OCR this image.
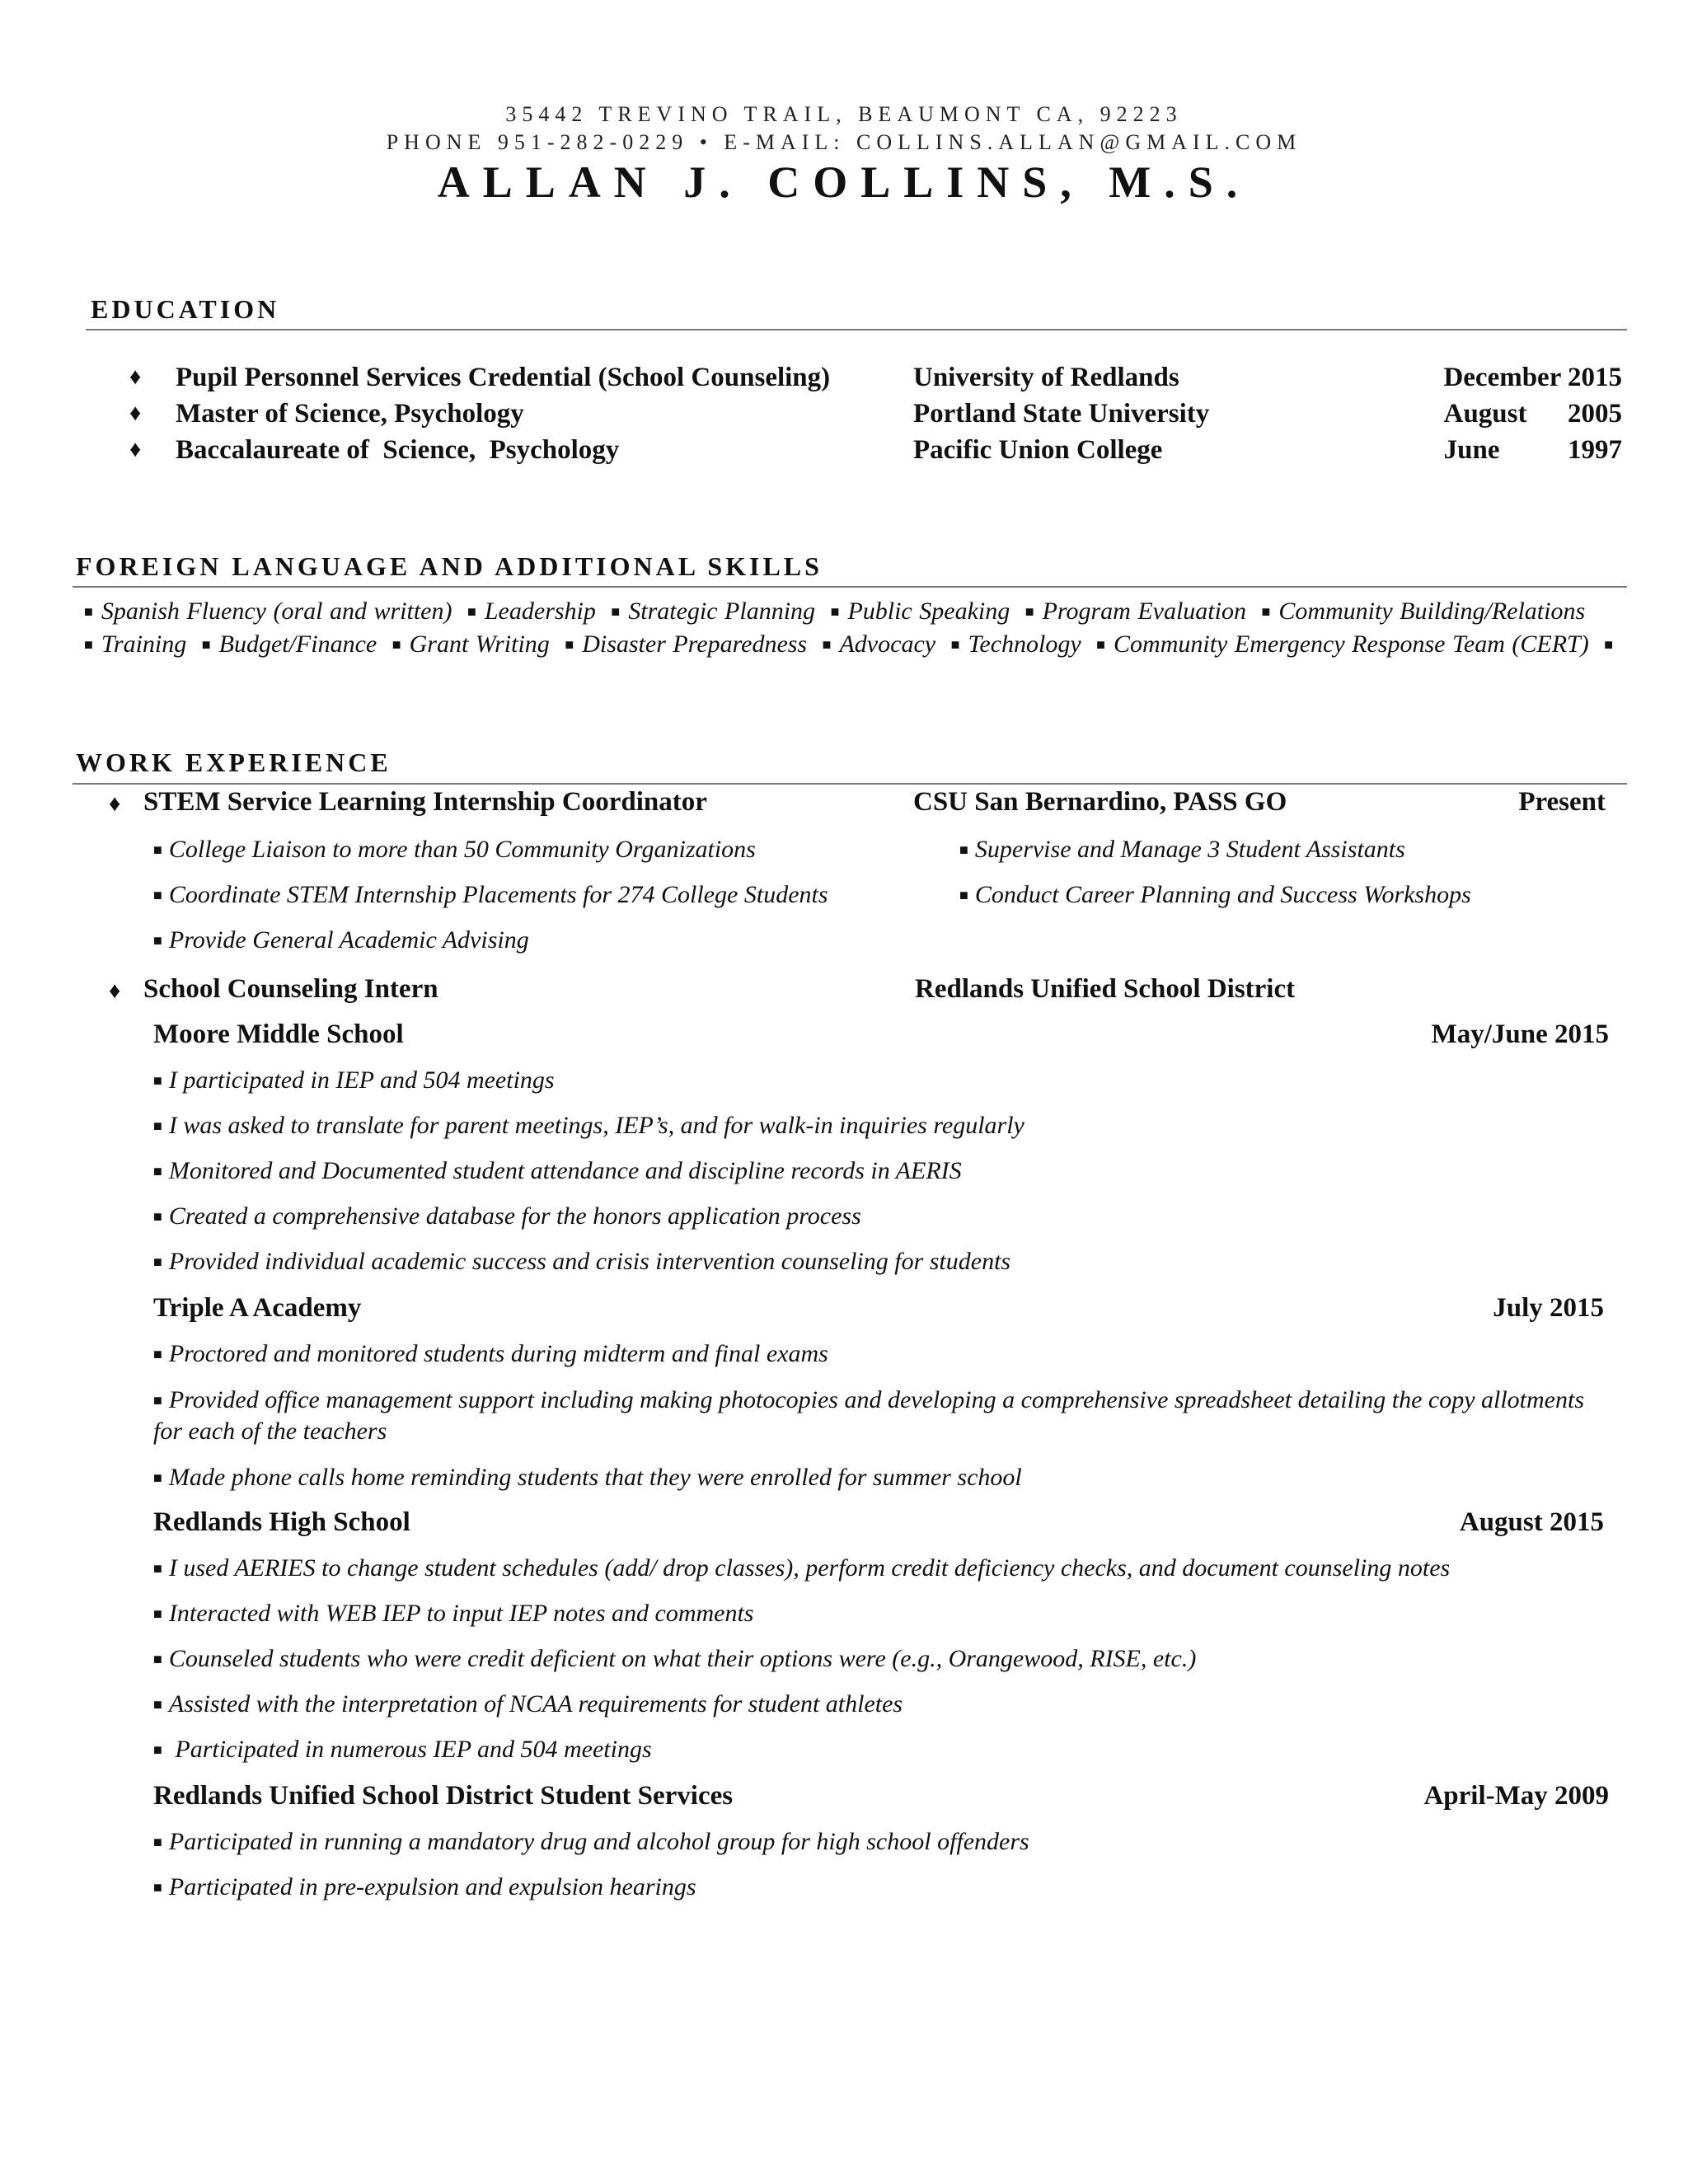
35442 TREVINO TRAIL, BEAUMONT CA, 92223
PHONE 951-282-0229 • E-MAIL: COLLINS.ALLAN@GMAIL.COM
ALLAN J. COLLINS, M.S.
EDUCATION
♦ Pupil Personnel Services Credential (School Counseling)	University of Redlands	December 2015
♦ Master of Science, Psychology	Portland State University	August      2005
♦ Baccalaureate of  Science,  Psychology	Pacific Union College	June          1997
FOREIGN LANGUAGE AND ADDITIONAL SKILLS
■ Spanish Fluency (oral and written) ■ Leadership ■ Strategic Planning ■ Public Speaking ■ Program Evaluation ■ Community Building/Relations ■ Training ■ Budget/Finance ■ Grant Writing ■ Disaster Preparedness ■ Advocacy ■ Technology ■ Community Emergency Response Team (CERT) ■
WORK EXPERIENCE
♦ STEM Service Learning Internship Coordinator	CSU San Bernardino, PASS GO	Present
■ College Liaison to more than 50 Community Organizations
■ Coordinate STEM Internship Placements for 274 College Students
■ Provide General Academic Advising
■ Supervise and Manage 3 Student Assistants
■ Conduct Career Planning and Success Workshops
♦ School Counseling Intern	Redlands Unified School District
Moore Middle School	May/June 2015
■ I participated in IEP and 504 meetings
■ I was asked to translate for parent meetings, IEP’s, and for walk-in inquiries regularly
■ Monitored and Documented student attendance and discipline records in AERIS
■ Created a comprehensive database for the honors application process
■ Provided individual academic success and crisis intervention counseling for students
Triple A Academy	July 2015
■ Proctored and monitored students during midterm and final exams
■ Provided office management support including making photocopies and developing a comprehensive spreadsheet detailing the copy allotments for each of the teachers
■ Made phone calls home reminding students that they were enrolled for summer school
Redlands High School	August 2015
■ I used AERIES to change student schedules (add/ drop classes), perform credit deficiency checks, and document counseling notes
■ Interacted with WEB IEP to input IEP notes and comments
■ Counseled students who were credit deficient on what their options were (e.g., Orangewood, RISE, etc.)
■ Assisted with the interpretation of NCAA requirements for student athletes
■ Participated in numerous IEP and 504 meetings
Redlands Unified School District Student Services	April-May 2009
■ Participated in running a mandatory drug and alcohol group for high school offenders
■ Participated in pre-expulsion and expulsion hearings
